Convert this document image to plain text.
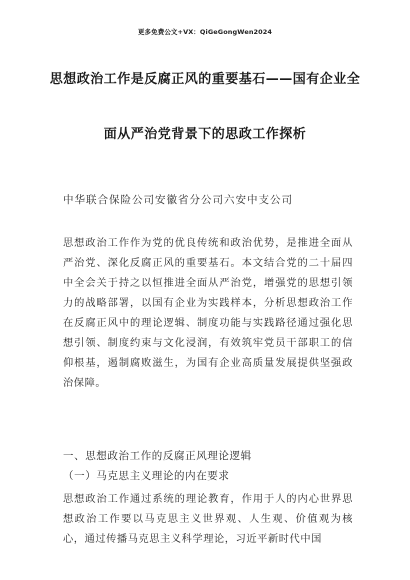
更多免费公文+VX：QiGeGongWen2024
思想政治工作是反腐正风的重要基石——国有企业全
面从严治党背景下的思政工作探析
中华联合保险公司安徽省分公司六安中支公司
思想政治工作作为党的优良传统和政治优势，是推进全面从严治党、深化反腐正风的重要基石。本文结合党的二十届四中全会关于持之以恒推进全面从严治党，增强党的思想引领力的战略部署，以国有企业为实践样本，分析思想政治工作在反腐正风中的理论逻辑、制度功能与实践路径通过强化思想引领、制度约束与文化浸润，有效筑牢党员干部职工的信仰根基，遏制腐败滋生，为国有企业高质量发展提供坚强政治保障。
一、思想政治工作的反腐正风理论逻辑
（一）马克思主义理论的内在要求
思想政治工作通过系统的理论教育，作用于人的内心世界思想政治工作要以马克思主义世界观、人生观、价值观为核心，通过传播马克思主义科学理论，习近平新时代中国
